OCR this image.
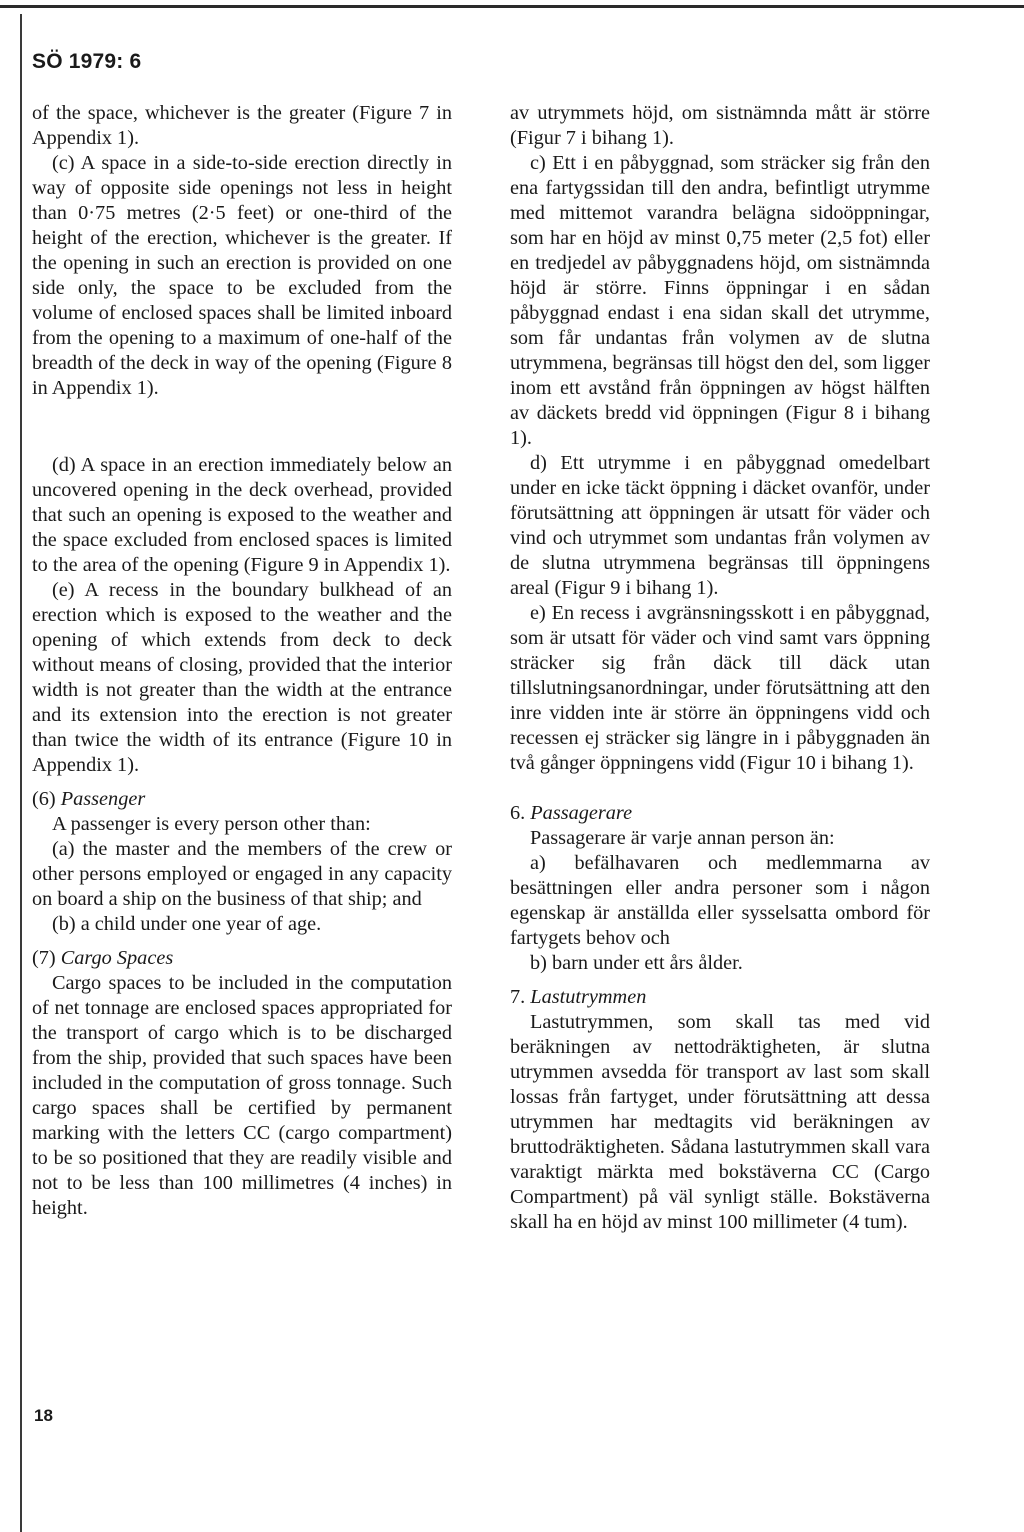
SÖ 1979: 6

of the space, whichever is the greater (Figure 7 in Appendix 1).

(c) A space in a side-to-side erection directly in way of opposite side openings not less in height than 0·75 metres (2·5 feet) or one-third of the height of the erection, whichever is the greater. If the opening in such an erection is provided on one side only, the space to be excluded from the volume of enclosed spaces shall be limited inboard from the opening to a maximum of one-half of the breadth of the deck in way of the opening (Figure 8 in Appendix 1).

(d) A space in an erection immediately below an uncovered opening in the deck overhead, provided that such an opening is exposed to the weather and the space excluded from enclosed spaces is limited to the area of the opening (Figure 9 in Appendix 1).

(e) A recess in the boundary bulkhead of an erection which is exposed to the weather and the opening of which extends from deck to deck without means of closing, provided that the interior width is not greater than the width at the entrance and its extension into the erection is not greater than twice the width of its entrance (Figure 10 in Appendix 1).

(6) Passenger

A passenger is every person other than:

(a) the master and the members of the crew or other persons employed or engaged in any capacity on board a ship on the business of that ship; and

(b) a child under one year of age.

(7) Cargo Spaces

Cargo spaces to be included in the computation of net tonnage are enclosed spaces appropriated for the transport of cargo which is to be discharged from the ship, provided that such spaces have been included in the computation of gross tonnage. Such cargo spaces shall be certified by permanent marking with the letters CC (cargo compartment) to be so positioned that they are readily visible and not to be less than 100 millimetres (4 inches) in height.

av utrymmets höjd, om sistnämnda mått är större (Figur 7 i bihang 1).

c) Ett i en påbyggnad, som sträcker sig från den ena fartygssidan till den andra, befintligt utrymme med mittemot varandra belägna sidoöppningar, som har en höjd av minst 0,75 meter (2,5 fot) eller en tredjedel av påbyggnadens höjd, om sistnämnda höjd är större. Finns öppningar i en sådan påbyggnad endast i ena sidan skall det utrymme, som får undantas från volymen av de slutna utrymmena, begränsas till högst den del, som ligger inom ett avstånd från öppningen av högst hälften av däckets bredd vid öppningen (Figur 8 i bihang 1).

d) Ett utrymme i en påbyggnad omedelbart under en icke täckt öppning i däcket ovanför, under förutsättning att öppningen är utsatt för väder och vind och utrymmet som undantas från volymen av de slutna utrymmena begränsas till öppningens areal (Figur 9 i bihang 1).

e) En recess i avgränsningsskott i en påbyggnad, som är utsatt för väder och vind samt vars öppning sträcker sig från däck till däck utan tillslutningsanordningar, under förutsättning att den inre vidden inte är större än öppningens vidd och recessen ej sträcker sig längre in i påbyggnaden än två gånger öppningens vidd (Figur 10 i bihang 1).

6. Passagerare

Passagerare är varje annan person än:

a) befälhavaren och medlemmarna av besättningen eller andra personer som i någon egenskap är anställda eller sysselsatta ombord för fartygets behov och

b) barn under ett års ålder.

7. Lastutrymmen

Lastutrymmen, som skall tas med vid beräkningen av nettodräktigheten, är slutna utrymmen avsedda för transport av last som skall lossas från fartyget, under förutsättning att dessa utrymmen har medtagits vid beräkningen av bruttodräktigheten. Sådana lastutrymmen skall vara varaktigt märkta med bokstäverna CC (Cargo Compartment) på väl synligt ställe. Bokstäverna skall ha en höjd av minst 100 millimeter (4 tum).

18
